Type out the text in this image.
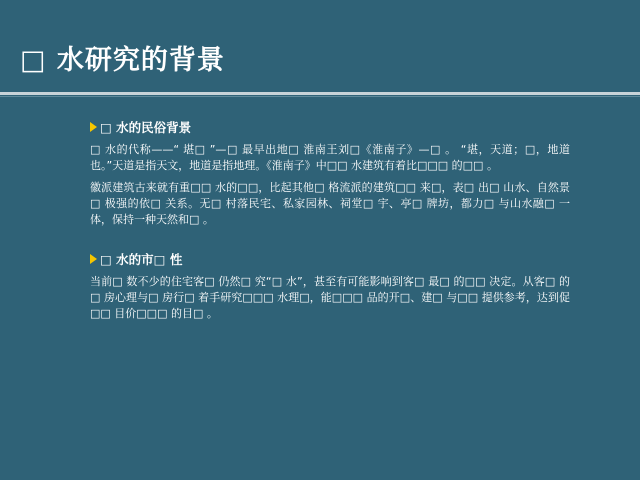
□ 水研究的背景
□ 水的民俗背景

□ 水的代称——“ 堪□ ”—□ 最早出地□ 淮南王刘□《淮南子》—□ 。 “堪，天道；□，地道也。”天道是指天文，地道是指地理。《淮南子》中□□ 水建筑有着比□□□ 的□□ 。

徽派建筑古来就有重□□ 水的□□，比起其他□ 格流派的建筑□□ 来□，表□ 出□ 山水、自然景□ 极强的依□ 关系。无□ 村落民宅、私家园林、祠堂□ 宇、亭□ 牌坊，都力□ 与山水融□ 一体，保持一种天然和□ 。

□ 水的市□ 性

当前□ 数不少的住宅客□ 仍然□ 究“□ 水”，甚至有可能影响到客□ 最□ 的□□ 决定。从客□ 的□ 房心理与□ 房行□ 着手研究□□□ 水理□，能□□□ 品的开□、建□ 与□□ 提供参考，达到促□□ 目价□□□ 的目□ 。
